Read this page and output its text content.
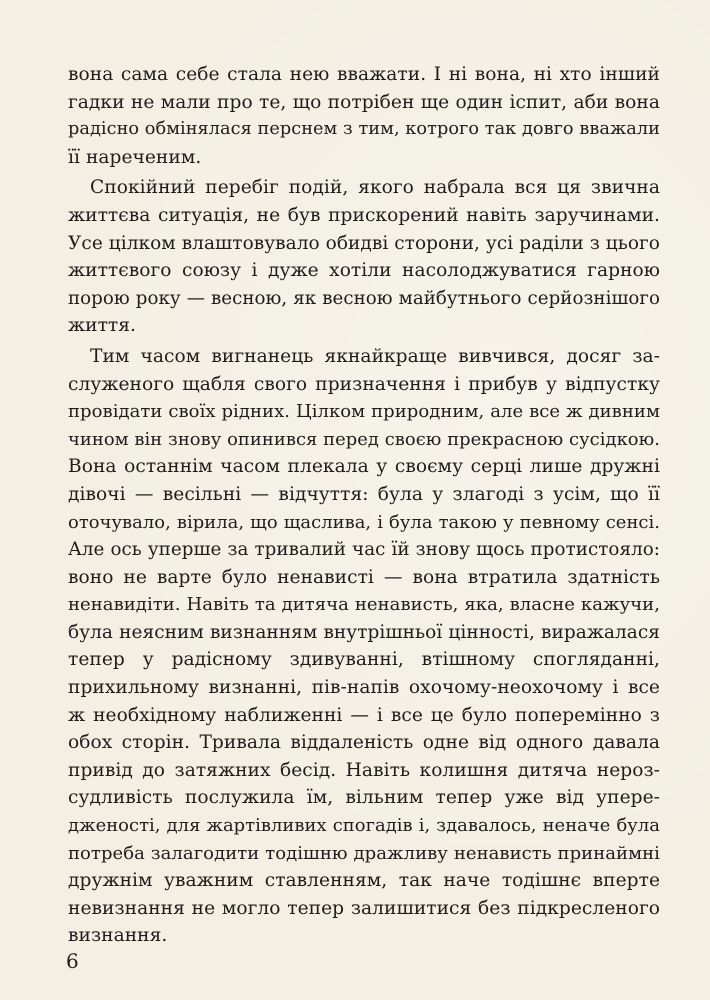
вона сама себе стала нею вважати. І ні вона, ні хто інший
гадки не мали про те, що потрібен ще один іспит, аби вона
радісно обмінялася перснем з тим, котрого так довго вважали
її нареченим.

Спокійний перебіг подій, якого набрала вся ця звична
життєва ситуація, не був прискорений навіть заручинами.
Усе цілком влаштовувало обидві сторони, усі раділи з цього
життєвого союзу і дуже хотіли насолоджуватися гарною
порою року — весною, як весною майбутнього серйознішого
життя.

Тим часом вигнанець якнайкраще вивчився, досяг за-
служеного щабля свого призначення і прибув у відпустку
провідати своїх рідних. Цілком природним, але все ж дивним
чином він знову опинився перед своєю прекрасною сусідкою.
Вона останнім часом плекала у своєму серці лише дружні
дівочі — весільні — відчуття: була у злагоді з усім, що її
оточувало, вірила, що щаслива, і була такою у певному сенсі.
Але ось уперше за тривалий час їй знову щось протистояло:
воно не варте було ненависті — вона втратила здатність
ненавидіти. Навіть та дитяча ненависть, яка, власне кажучи,
була неясним визнанням внутрішньої цінності, виражалася
тепер у радісному здивуванні, втішному спогляданні,
прихильному визнанні, пів-напів охочому-неохочому і все
ж необхідному наближенні — і все це було поперемінно з
обох сторін. Тривала віддаленість одне від одного давала
привід до затяжних бесід. Навіть колишня дитяча нероз-
судливість послужила їм, вільним тепер уже від упере-
дженості, для жартівливих спогадів і, здавалось, неначе була
потреба залагодити тодішню дражливу ненависть принаймні
дружнім уважним ставленням, так наче тодішнє вперте
невизнання не могло тепер залишитися без підкресленого
визнання.

6
